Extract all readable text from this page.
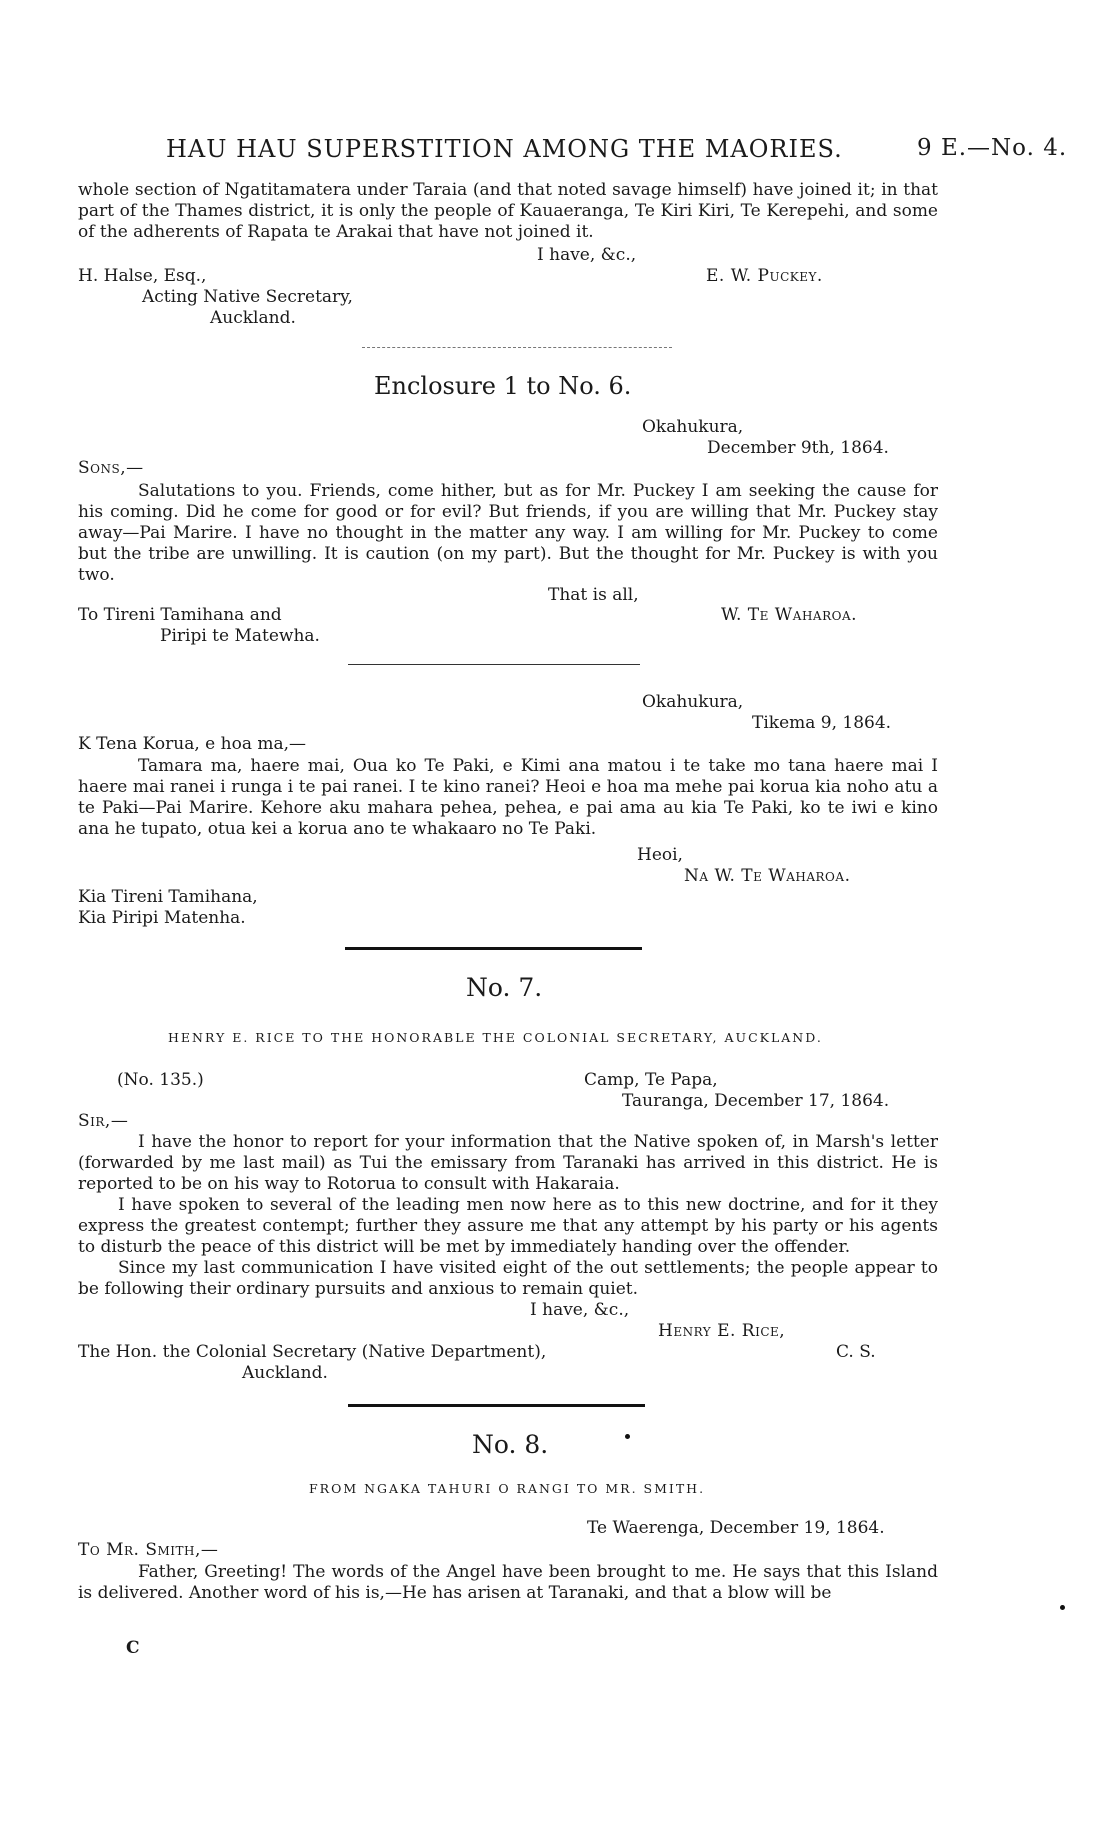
HAU HAU SUPERSTITION AMONG THE MAORIES.	9 E.—No. 4.

whole section of Ngatitamatera under Taraia (and that noted savage himself) have joined it; in that part of the Thames district, it is only the people of Kauaeranga, Te Kiri Kiri, Te Kerepehi, and some of the adherents of Rapata te Arakai that have not joined it.

I have, &c.,

H. Halse, Esq.,

Acting Native Secretary,

Auckland.

E. W. Puckey.

Enclosure 1 to No. 6.

Okahukura,

December 9th, 1864.

Sons,—

Salutations to you. Friends, come hither, but as for Mr. Puckey I am seeking the cause for his coming. Did he come for good or for evil? But friends, if you are willing that Mr. Puckey stay away—Pai Marire. I have no thought in the matter any way. I am willing for Mr. Puckey to come but the tribe are unwilling. It is caution (on my part). But the thought for Mr. Puckey is with you two.

That is all,

To Tireni Tamihana and

Piripi te Matewha.

W. Te Waharoa.

Okahukura,

Tikema 9, 1864.

K Tena Korua, e hoa ma,—

Tamara ma, haere mai, Oua ko Te Paki, e Kimi ana matou i te take mo tana haere mai I haere mai ranei i runga i te pai ranei. I te kino ranei? Heoi e hoa ma mehe pai korua kia noho atu a te Paki—Pai Marire. Kehore aku mahara pehea, pehea, e pai ama au kia Te Paki, ko te iwi e kino ana he tupato, otua kei a korua ano te whakaaro no Te Paki.

Heoi,

Na W. Te Waharoa.

Kia Tireni Tamihana,

Kia Piripi Matenha.

No. 7.
HENRY E. RICE TO THE HONORABLE THE COLONIAL SECRETARY, AUCKLAND.

(No. 135.)	Camp, Te Papa,

Tauranga, December 17, 1864.

Sir,—

I have the honor to report for your information that the Native spoken of, in Marsh's letter (forwarded by me last mail) as Tui the emissary from Taranaki has arrived in this district. He is reported to be on his way to Rotorua to consult with Hakaraia.

I have spoken to several of the leading men now here as to this new doctrine, and for it they express the greatest contempt; further they assure me that any attempt by his party or his agents to disturb the peace of this district will be met by immediately handing over the offender.

Since my last communication I have visited eight of the out settlements; the people appear to be following their ordinary pursuits and anxious to remain quiet.

I have, &c.,

Henry E. Rice,

The Hon. the Colonial Secretary (Native Department),

Auckland.

C. S.

No. 8.
FROM NGAKA TAHURI O RANGI TO MR. SMITH.

Te Waerenga, December 19, 1864.

To Mr. Smith,—

Father, Greeting! The words of the Angel have been brought to me. He says that this Island is delivered. Another word of his is,—He has arisen at Taranaki, and that a blow will be

C
